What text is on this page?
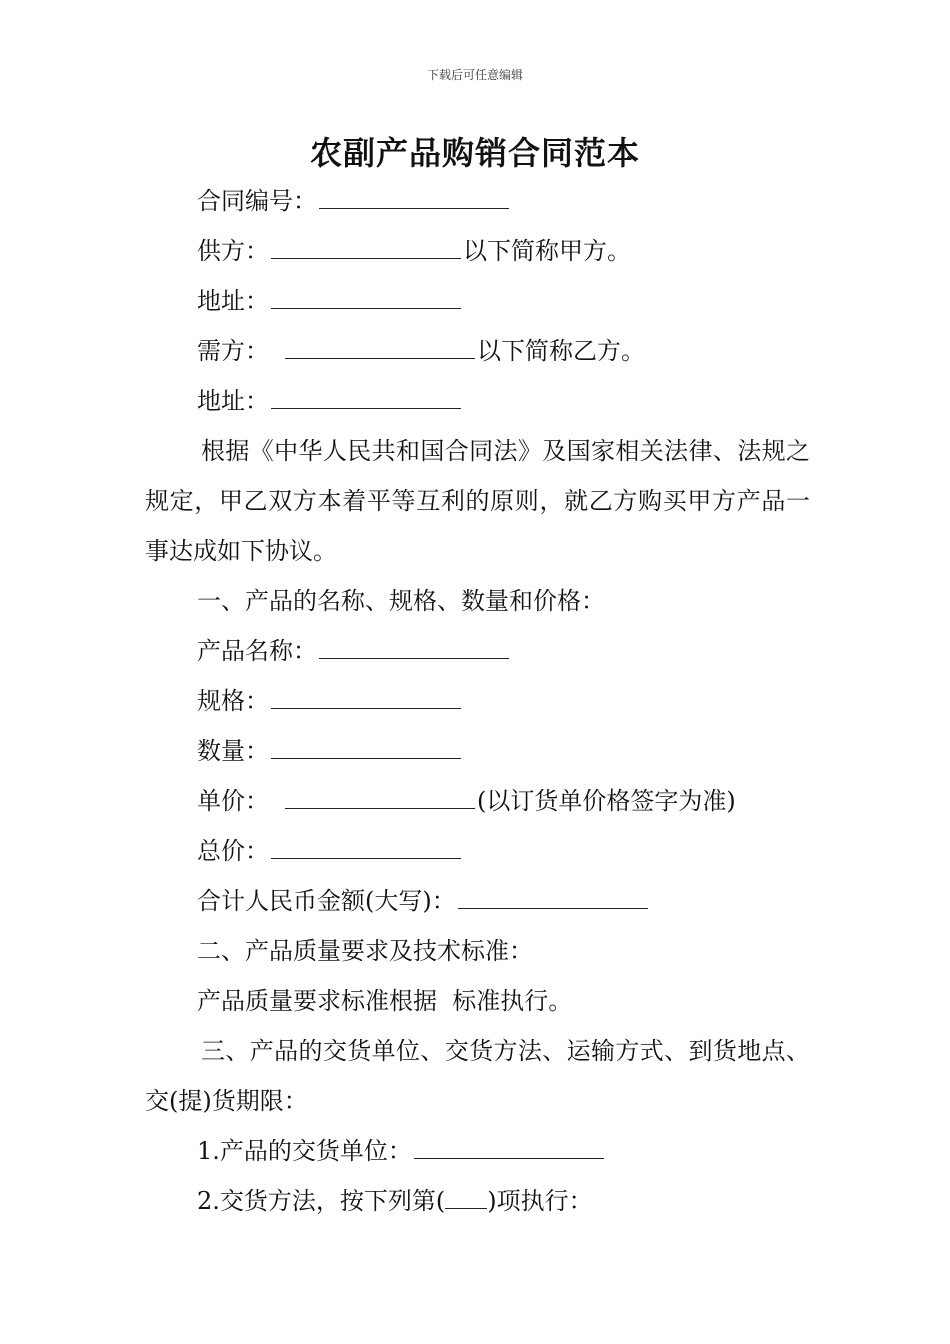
下载后可任意编辑
农副产品购销合同范本

合同编号：

供方：	以下简称甲方。

地址：

需方：	以下简称乙方。

地址：

根据《中华人民共和国合同法》及国家相关法律、法规之规定，甲乙双方本着平等互利的原则，就乙方购买甲方产品一事达成如下协议。

一、产品的名称、规格、数量和价格：

产品名称：

规格：

数量：

单价：	(以订货单价格签字为准)

总价：

合计人民币金额(大写)：

二、产品质量要求及技术标准：

产品质量要求标准根据  标准执行。

三、产品的交货单位、交货方法、运输方式、到货地点、交(提)货期限：

1.产品的交货单位：

2.交货方法，按下列第( )项执行：
